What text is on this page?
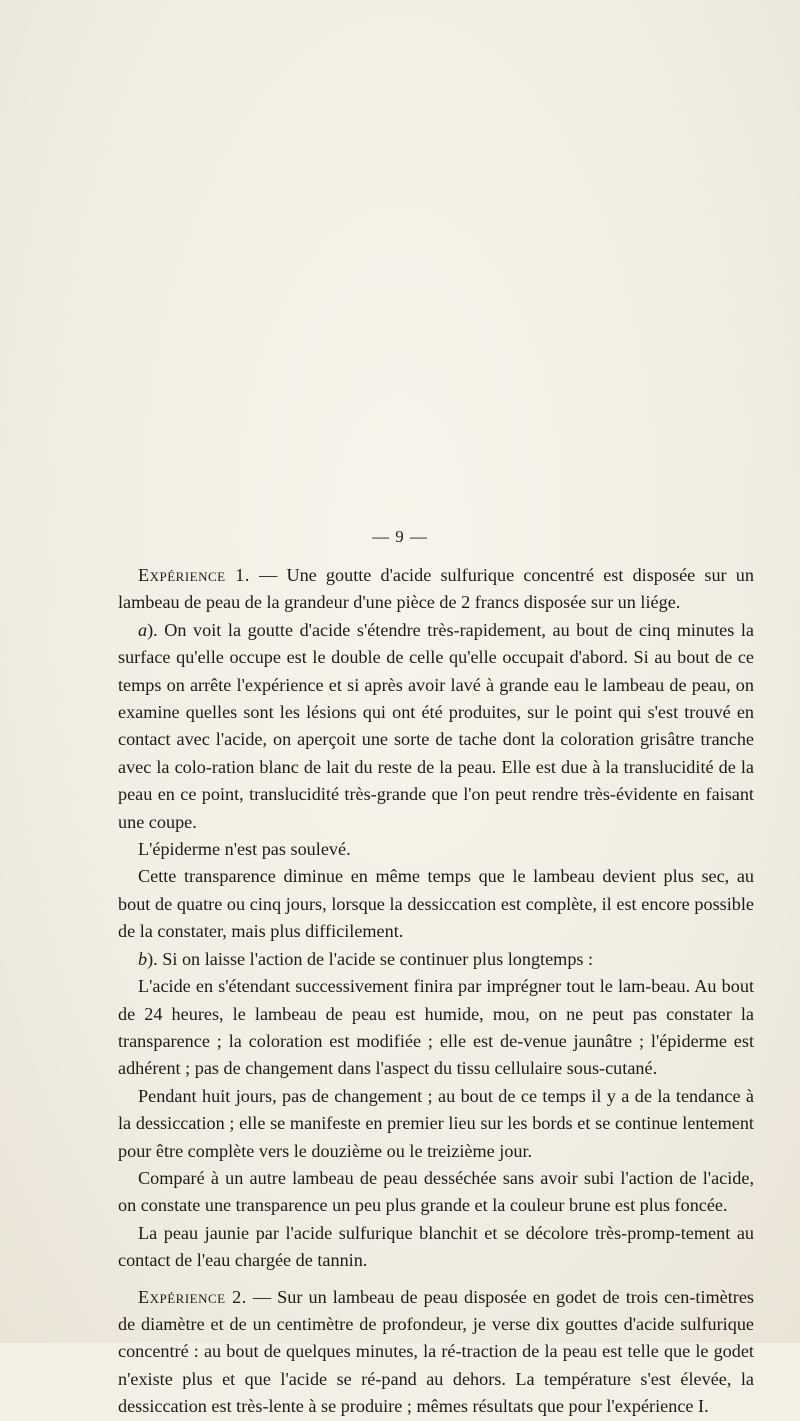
— 9 —

Expérience 1. — Une goutte d'acide sulfurique concentré est disposée sur un lambeau de peau de la grandeur d'une pièce de 2 francs disposée sur un liége.

a). On voit la goutte d'acide s'étendre très-rapidement, au bout de cinq minutes la surface qu'elle occupe est le double de celle qu'elle occupait d'abord. Si au bout de ce temps on arrête l'expérience et si après avoir lavé à grande eau le lambeau de peau, on examine quelles sont les lésions qui ont été produites, sur le point qui s'est trouvé en contact avec l'acide, on aperçoit une sorte de tache dont la coloration grisâtre tranche avec la colo-ration blanc de lait du reste de la peau. Elle est due à la translucidité de la peau en ce point, translucidité très-grande que l'on peut rendre très-évidente en faisant une coupe.

L'épiderme n'est pas soulevé.

Cette transparence diminue en même temps que le lambeau devient plus sec, au bout de quatre ou cinq jours, lorsque la dessiccation est complète, il est encore possible de la constater, mais plus difficilement.

b). Si on laisse l'action de l'acide se continuer plus longtemps :

L'acide en s'étendant successivement finira par imprégner tout le lam-beau. Au bout de 24 heures, le lambeau de peau est humide, mou, on ne peut pas constater la transparence ; la coloration est modifiée ; elle est de-venue jaunâtre ; l'épiderme est adhérent ; pas de changement dans l'aspect du tissu cellulaire sous-cutané.

Pendant huit jours, pas de changement ; au bout de ce temps il y a de la tendance à la dessiccation ; elle se manifeste en premier lieu sur les bords et se continue lentement pour être complète vers le douzième ou le treizième jour.

Comparé à un autre lambeau de peau desséchée sans avoir subi l'action de l'acide, on constate une transparence un peu plus grande et la couleur brune est plus foncée.

La peau jaunie par l'acide sulfurique blanchit et se décolore très-promp-tement au contact de l'eau chargée de tannin.

Expérience 2. — Sur un lambeau de peau disposée en godet de trois cen-timètres de diamètre et de un centimètre de profondeur, je verse dix gouttes d'acide sulfurique concentré : au bout de quelques minutes, la ré-traction de la peau est telle que le godet n'existe plus et que l'acide se ré-pand au dehors. La température s'est élevée, la dessiccation est très-lente à se produire ; mêmes résultats que pour l'expérience I.
